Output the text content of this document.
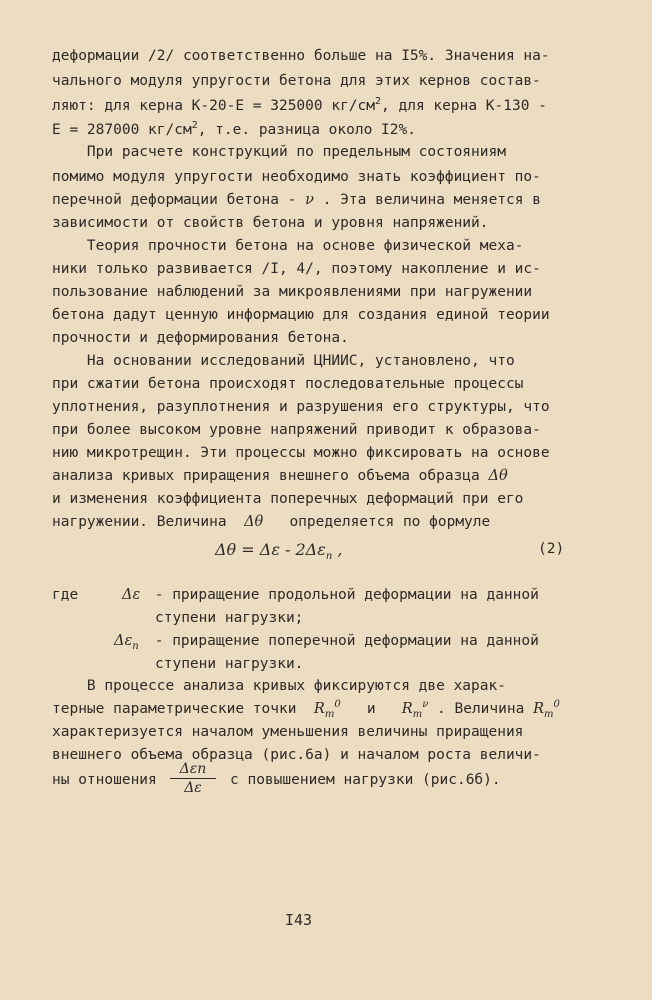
деформации /2/ соответственно больше на I5%. Значения на-
чального модуля упругости бетона для этих кернов состав-
ляют: для керна К-20-Е = 325000 $кг/см^2$, для керна К-130 -
Е = 287000 $кг/см^2$, т.е. разница около I2%.
При расчете конструкций по предельным состояниям
помимо модуля упругости необходимо знать коэффициент по-
перечной деформации бетона - ν . Эта величина меняется в
зависимости от свойств бетона и уровня напряжений.
Теория прочности бетона на основе физической меха-
ники только развивается /I, 4/, поэтому накопление и ис-
пользование наблюдений за микроявлениями при нагружении
бетона дадут ценную информацию для создания единой теории
прочности и деформирования бетона.
На основании исследований ЦНИИС, установлено, что
при сжатии бетона происходят последовательные процессы
уплотнения, разуплотнения и разрушения его структуры, что
при более высоком уровне напряжений приводит к образова-
нию микротрещин. Эти процессы можно фиксировать на основе
анализа кривых приращения внешнего объема образца Δθ
и изменения коэффициента поперечных деформаций при его
нагружении. Величина  Δθ   определяется по формуле
$\Delta\theta = \Delta\varepsilon - 2\Delta\varepsilon_n$ ,	(2)
где	Δε - приращение продольной деформации на данной
ступени нагрузки;
$\Delta\varepsilon_n$ - приращение поперечной деформации на данной
ступени нагрузки.
В процессе анализа кривых фиксируются две харак-
терные параметрические точки  $R_т^0$   и   $R_т^\nu$ . Величина $R_т^0$
характеризуется началом уменьшения величины приращения
внешнего объема образца (рис.6а) и началом роста величи-
ны отношения
Δεn
Δε	с повышением нагрузки (рис.6б).
I43
